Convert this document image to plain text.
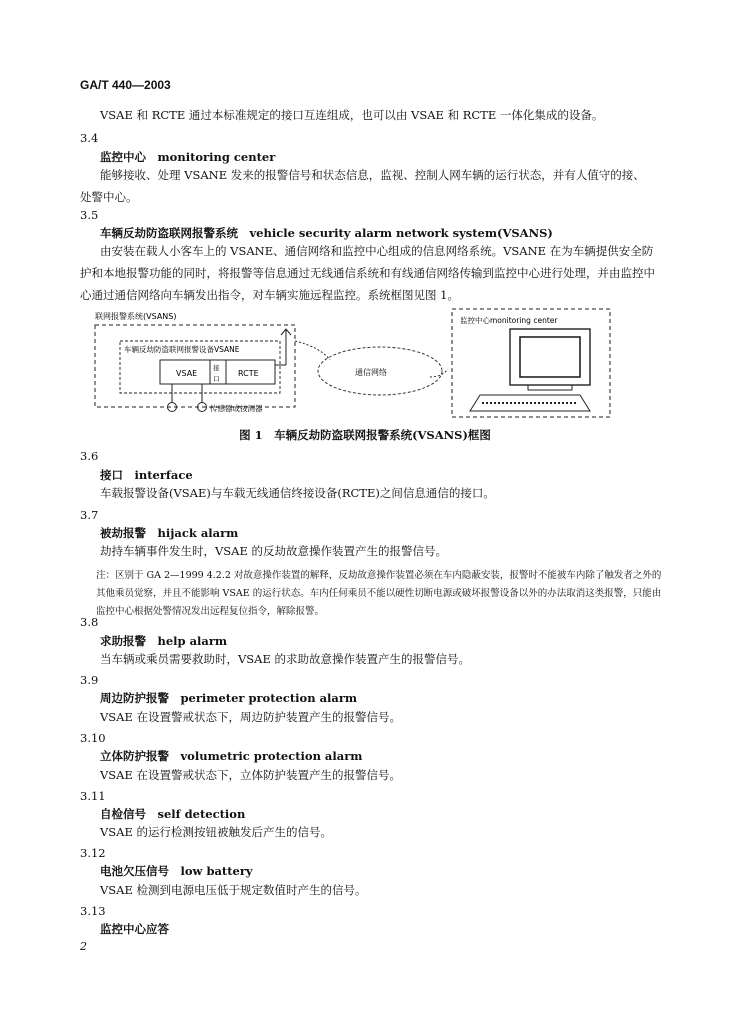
GA/T 440—2003
VSAE 和 RCTE 通过本标准规定的接口互连组成，也可以由 VSAE 和 RCTE 一体化集成的设备。
3.4
监控中心　monitoring center
能够接收、处理 VSANE 发来的报警信号和状态信息，监视、控制人网车辆的运行状态，并有人值守的接、处警中心。
3.5
车辆反劫防盗联网报警系统　vehicle security alarm network system(VSANS)
由安装在载人小客车上的 VSANE、通信网络和监控中心组成的信息网络系统。VSANE 在为车辆提供安全防护和本地报警功能的同时，将报警等信息通过无线通信系统和有线通信网络传输到监控中心进行处理，并由监控中心通过通信网络向车辆发出指令，对车辆实施远程监控。系统框图见图 1。
联网报警系统(VSANS)
车辆反劫防盗联网报警设备VSANE
VSAE
接
口
RCTE
传感器或按测器
通信网络
监控中心monitoring center
图 1　车辆反劫防盗联网报警系统(VSANS)框图
3.6
接口　interface
车载报警设备(VSAE)与车载无线通信终接设备(RCTE)之间信息通信的接口。
3.7
被劫报警　hijack alarm
劫持车辆事件发生时，VSAE 的反劫故意操作装置产生的报警信号。
注：区别于 GA 2—1999 4.2.2 对故意操作装置的解释，反劫故意操作装置必须在车内隐蔽安装，报警时不能被车内除了触发者之外的其他乘员觉察，并且不能影响 VSAE 的运行状态。车内任何乘员不能以硬性切断电源或破坏报警设备以外的办法取消这类报警，只能由监控中心根据处警情况发出远程复位指令，解除报警。
3.8
求助报警　help alarm
当车辆或乘员需要救助时，VSAE 的求助故意操作装置产生的报警信号。
3.9
周边防护报警　perimeter protection alarm
VSAE 在设置警戒状态下，周边防护装置产生的报警信号。
3.10
立体防护报警　volumetric protection alarm
VSAE 在设置警戒状态下，立体防护装置产生的报警信号。
3.11
自检信号　self detection
VSAE 的运行检测按钮被触发后产生的信号。
3.12
电池欠压信号　low battery
VSAE 检测到电源电压低于规定数值时产生的信号。
3.13
监控中心应答
2
